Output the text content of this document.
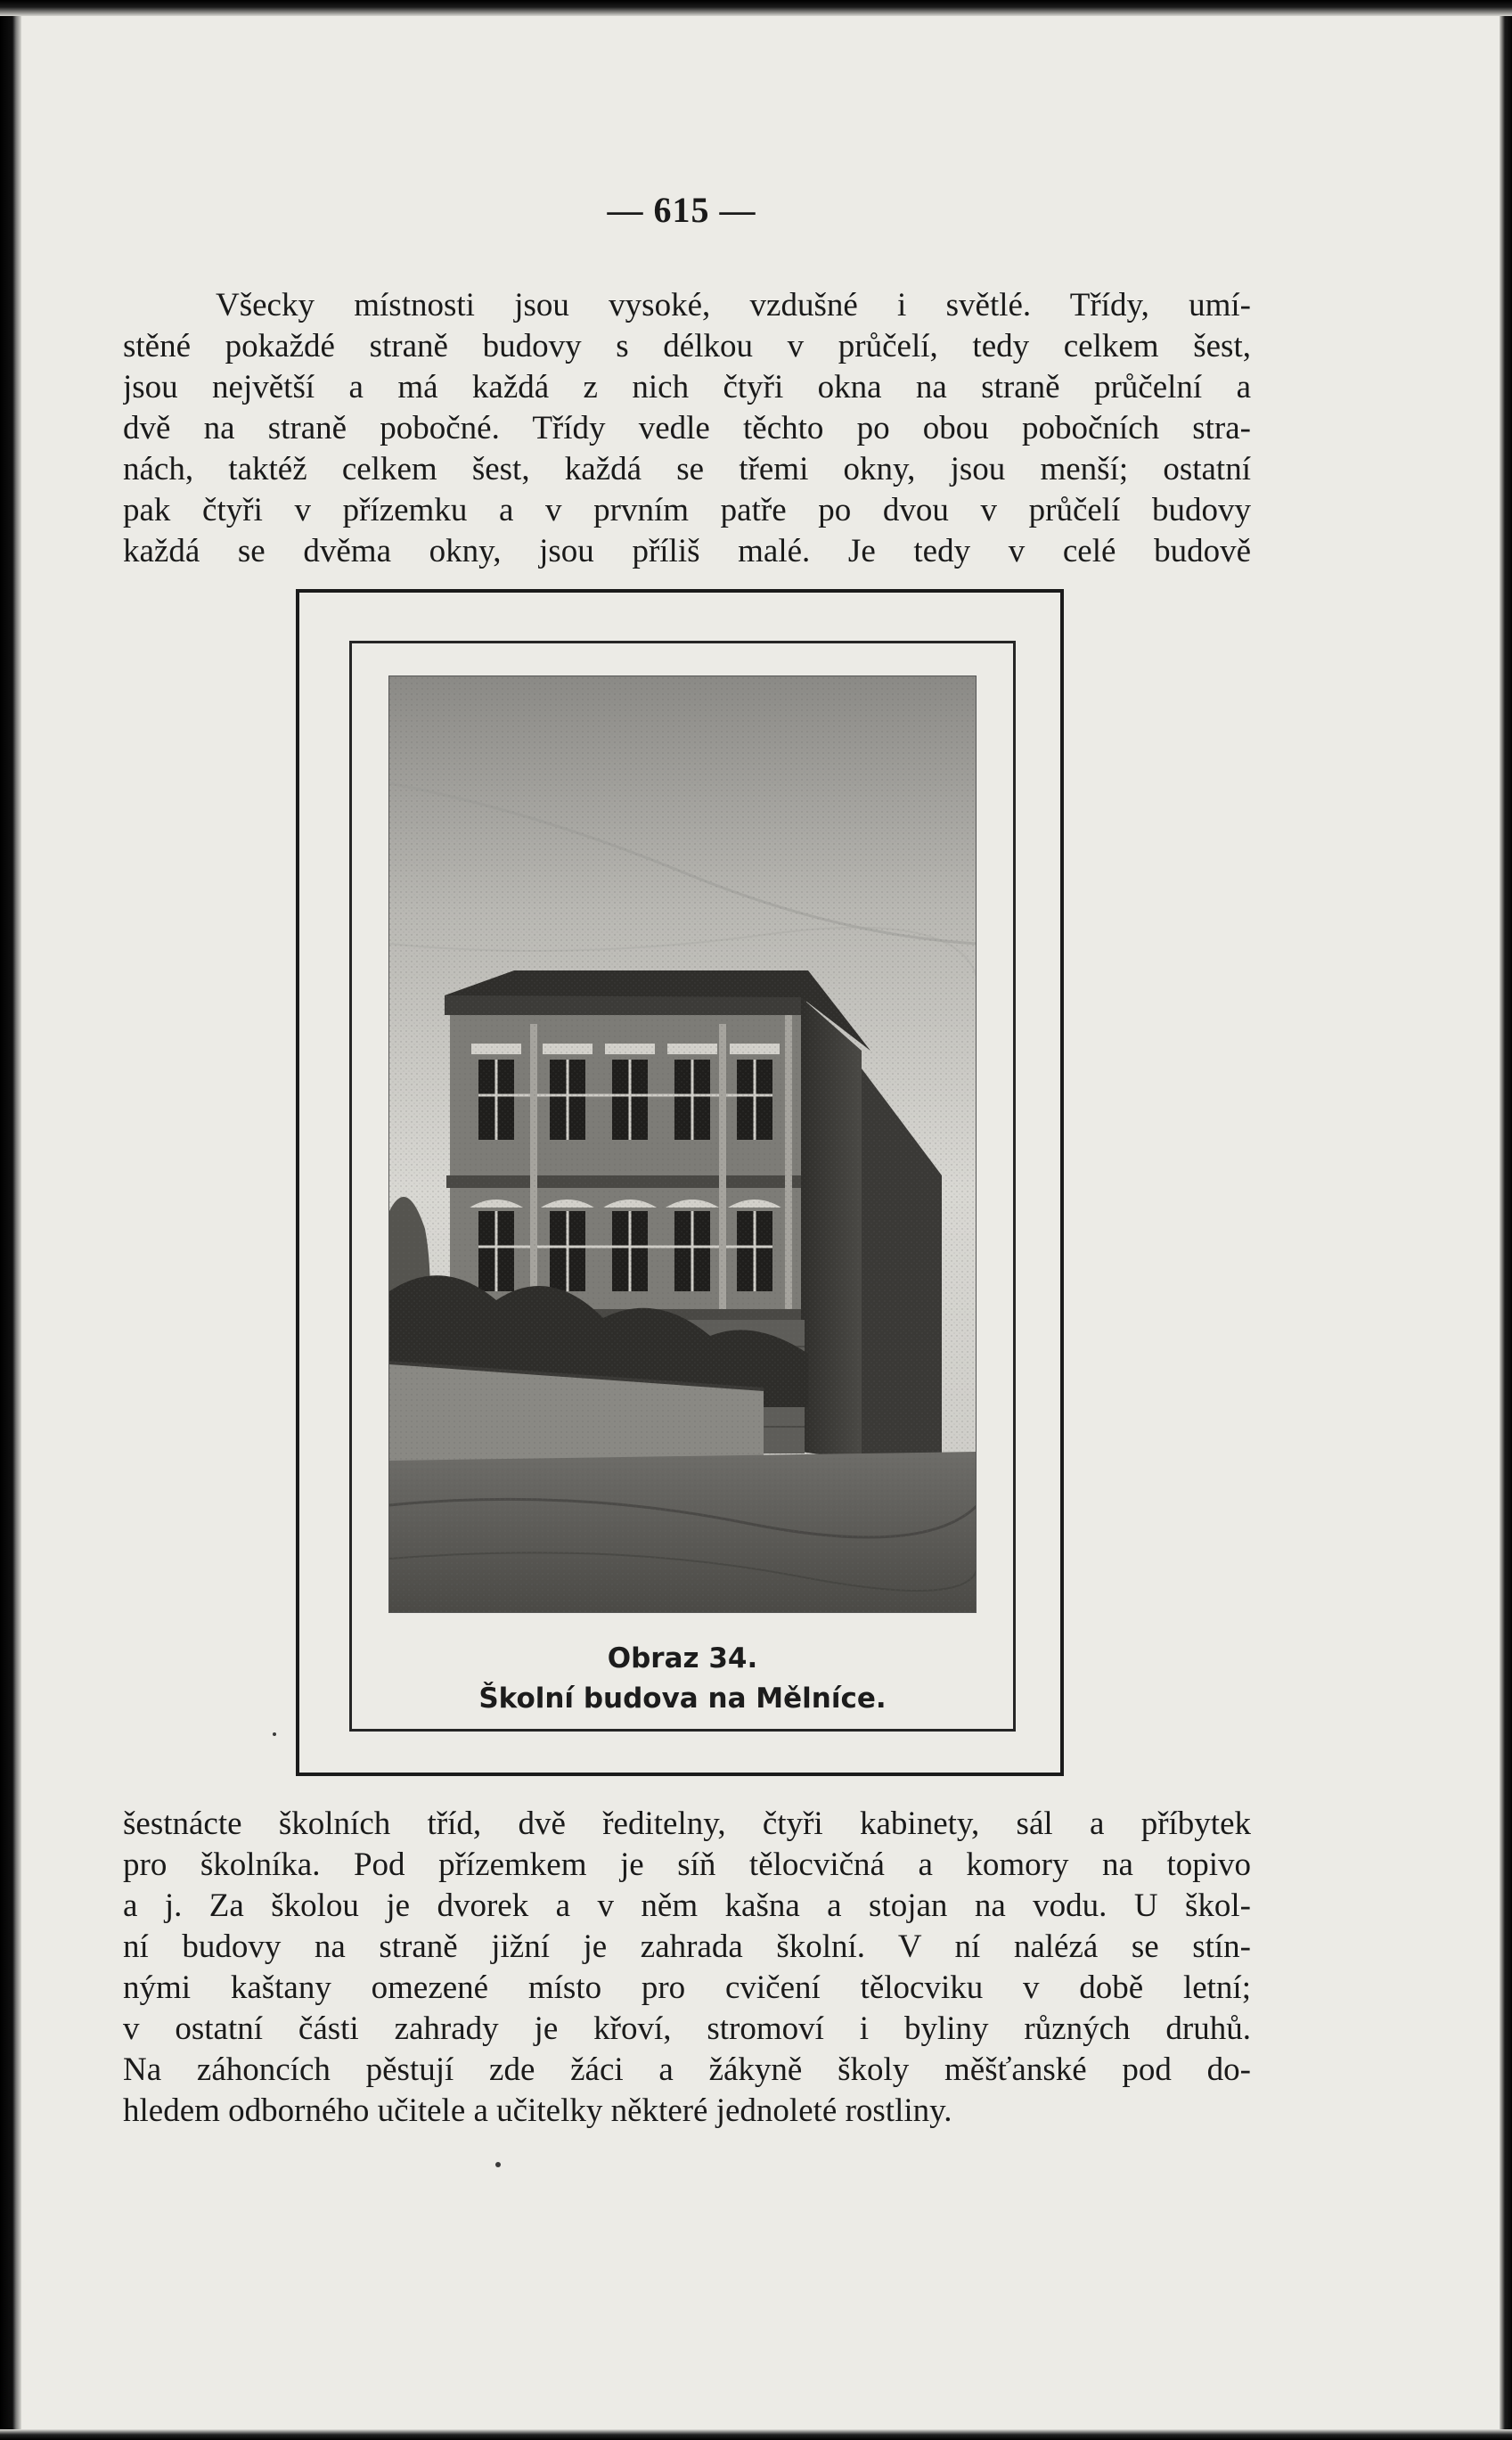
— 615 —
Všecky místnosti jsou vysoké, vzdušné i světlé. Třídy, umí-
stěné pokaždé straně budovy s délkou v průčelí, tedy celkem šest,
jsou největší a má každá z nich čtyři okna na straně průčelní a
dvě na straně pobočné. Třídy vedle těchto po obou pobočních stra-
nách, taktéž celkem šest, každá se třemi okny, jsou menší; ostatní
pak čtyři v přízemku a v prvním patře po dvou v průčelí budovy
každá se dvěma okny, jsou příliš malé. Je tedy v celé budově
Obraz 34.
Školní budova na Mělníce.
šestnácte školních tříd, dvě ředitelny, čtyři kabinety, sál a příbytek
pro školníka. Pod přízemkem je síň tělocvičná a komory na topivo
a j. Za školou je dvorek a v něm kašna a stojan na vodu. U škol-
ní budovy na straně jižní je zahrada školní. V ní nalézá se stín-
nými kaštany omezené místo pro cvičení tělocviku v době letní;
v ostatní části zahrady je křoví, stromoví i byliny různých druhů.
Na záhoncích pěstují zde žáci a žákyně školy měšťanské pod do-
hledem odborného učitele a učitelky některé jednoleté rostliny.
